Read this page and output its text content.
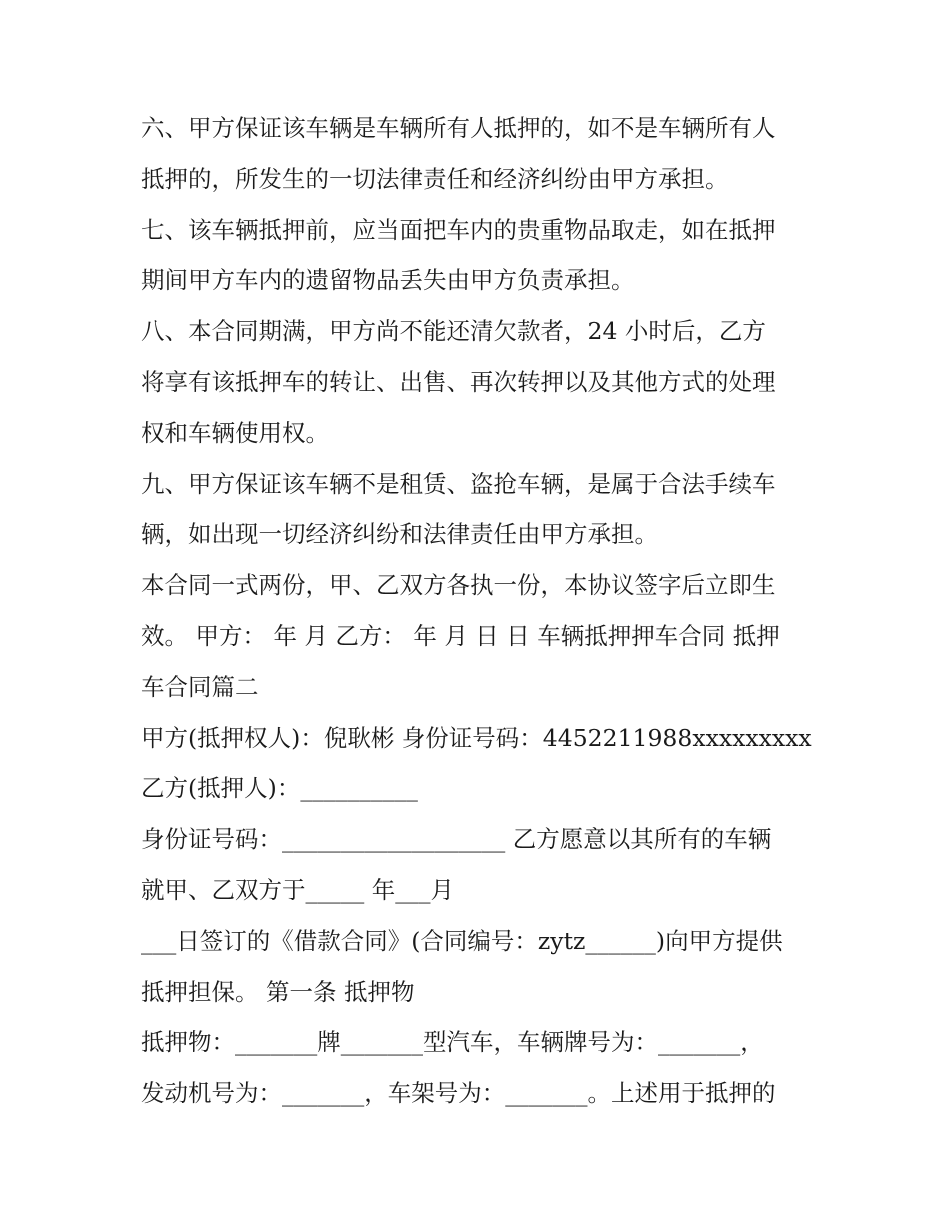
六、甲方保证该车辆是车辆所有人抵押的，如不是车辆所有人
抵押的，所发生的一切法律责任和经济纠纷由甲方承担。
七、该车辆抵押前，应当面把车内的贵重物品取走，如在抵押
期间甲方车内的遗留物品丢失由甲方负责承担。
八、本合同期满，甲方尚不能还清欠款者，24 小时后，乙方
将享有该抵押车的转让、出售、再次转押以及其他方式的处理
权和车辆使用权。
九、甲方保证该车辆不是租赁、盗抢车辆，是属于合法手续车
辆，如出现一切经济纠纷和法律责任由甲方承担。
本合同一式两份，甲、乙双方各执一份，本协议签字后立即生
效。 甲方： 年 月 乙方： 年 月 日 日 车辆抵押押车合同 抵押
车合同篇二
甲方(抵押权人)：倪耿彬 身份证号码：4452211988xxxxxxxxx
乙方(抵押人)：__________
身份证号码：___________________ 乙方愿意以其所有的车辆
就甲、乙双方于_____ 年___月
___日签订的《借款合同》(合同编号：zytz______)向甲方提供
抵押担保。 第一条 抵押物
抵押物：_______牌_______型汽车，车辆牌号为：_______，
发动机号为：_______，车架号为：_______。上述用于抵押的
